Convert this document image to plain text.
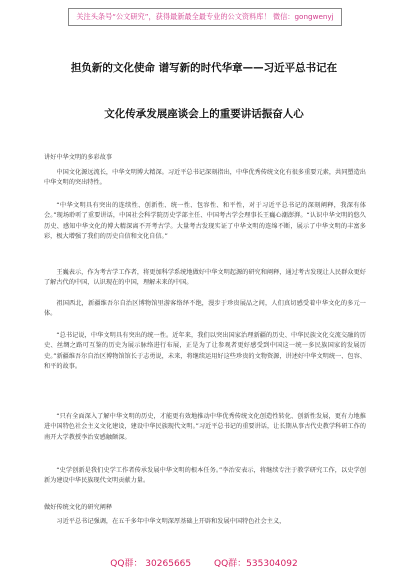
关注头条号“公文研究”，获得最新最全最专业的公文资料库！ 微信：gongwenyj
担负新的文化使命 谱写新的时代华章——习近平总书记在
文化传承发展座谈会上的重要讲话振奋人心
讲好中华文明的多彩故事
中国文化源远流长，中华文明博大精深。习近平总书记深刻指出，中华优秀传统文化有很多重要元素，共同塑造出中华文明的突出特性。
“中华文明具有突出的连续性、创新性、统一性、包容性、和平性，对于习近平总书记的深刻阐释，我深有体会。”现场聆听了重要讲话，中国社会科学院历史学部主任、中国考古学会理事长王巍心潮澎湃。“认识中华文明的悠久历史、感知中华文化的博大精深离不开考古学。大量考古发现实证了中华文明的连绵不断，展示了中华文明的丰富多彩，极大增强了我们的历史自信和文化自信。”
王巍表示，作为考古学工作者，将更加科学系统地做好中华文明起源的研究和阐释，通过考古发现让人民群众更好了解古代的中国，认识现在的中国，理解未来的中国。
祖国西北，新疆维吾尔自治区博物馆里游客络绎不绝，漫步于珍贵展品之间，人们真切感受着中华文化的多元一体。
“总书记说，中华文明具有突出的统一性。近年来，我们以突出国家治理新疆的历史、中华民族文化交流交融的历史、丝绸之路可互鉴的历史为展示脉络进行布展，正是为了让参观者更好感受到中国这一统一多民族国家的发展历史。”新疆维吾尔自治区博物馆馆长于志勇说，未来，将继续运用好这些珍贵的文物资源，讲述好中华文明统一、包容、和平的故事。
“只有全面深入了解中华文明的历史，才能更有效地推动中华优秀传统文化创造性转化、创新性发展，更有力地推进中国特色社会主义文化建设，建设中华民族现代文明。”习近平总书记的重要讲话，让长期从事古代史教学科研工作的南开大学教授李治安感触颇深。
“史学创新是我们史学工作者传承发展中华文明的根本任务。”李治安表示，将继续专注于教学研究工作，以史学创新为建设中华民族现代文明贡献力量。
做好传统文化的研究阐释
习近平总书记强调，在五千多年中华文明深厚基础上开辟和发展中国特色社会主义，
QQ群： 30265665	QQ群：535304092
